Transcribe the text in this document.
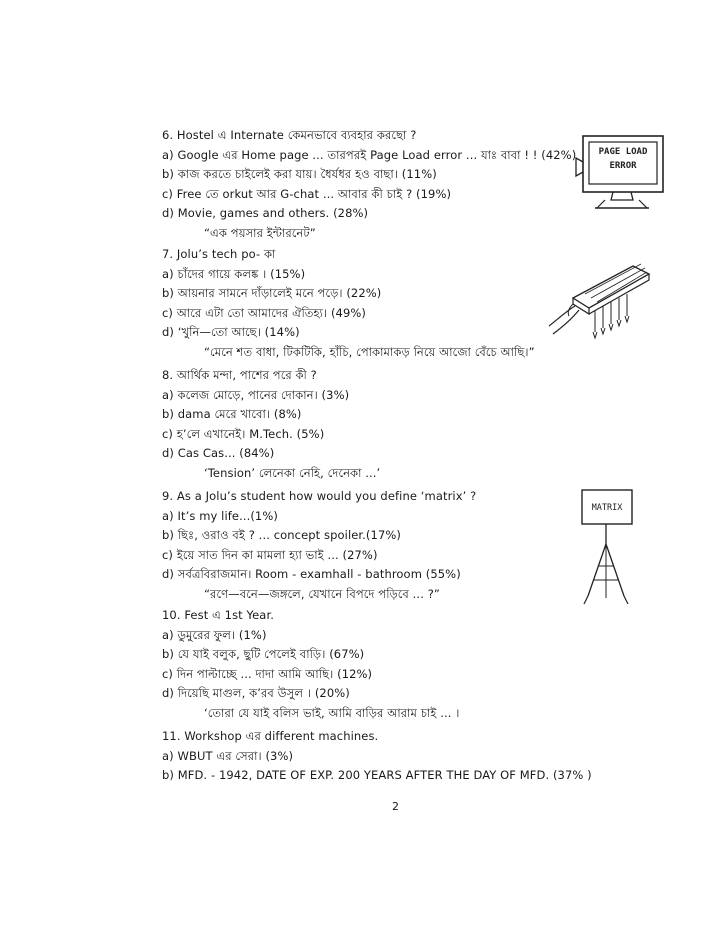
6. Hostel এ Internate কেমনভাবে ব্যবহার করছো ?
a) Google এর Home page ... তারপরই Page Load error ... যাঃ বাবা ! ! (42%)
b) কাজ করতে চাইলেই করা যায়। ধৈর্যধর হও বাছা। (11%)
c) Free তে orkut আর G-chat ... আবার কী চাই ? (19%)
d) Movie, games and others. (28%)
“এক পয়সার ইন্টারনেট”
PAGE LOAD
ERROR
7. Jolu’s tech po- কা
a) চাঁদের গায়ে কলঙ্ক । (15%)
b) আয়নার সামনে দাঁড়ালেই মনে পড়ে। (22%)
c) আরে এটা তো আমাদের ঐতিহ্য। (49%)
d) ‘খুনি—তো আছে। (14%)
“মেনে শত বাধা, টিকটিকি, হাঁচি, পোকামাকড় নিয়ে আজো বেঁচে আছি।”
8. আর্থিক মন্দা, পাশের পরে কী ?
a) কলেজ মোড়ে, পানের দোকান। (3%)
b) dama মেরে খাবো। (8%)
c) হ’লে এখানেই। M.Tech. (5%)
d) Cas Cas... (84%)
‘Tension’ লেনেকা নেহি, দেনেকা ...’
9. As a Jolu’s student how would you define ‘matrix’ ?
a) It’s my life...(1%)
b) ছিঃ, ওরাও বই ? ... concept spoiler.(17%)
c) ইয়ে সাত দিন কা মামলা হ্যা ভাই ... (27%)
d) সর্বত্রবিরাজমান। Room - examhall - bathroom (55%)
“রণে—বনে—জঙ্গলে, যেখানে বিপদে পড়িবে ... ?”
MATRIX
10. Fest এ 1st Year.
a) ডুমুরের ফুল। (1%)
b) যে যাই বলুক, ছুটি পেলেই বাড়ি। (67%)
c) দিন পাল্টাচ্ছে ... দাদা আমি আছি। (12%)
d) দিয়েছি মাগুল, ক’রব উসুল । (20%)
‘তোরা যে যাই বলিস ভাই, আমি বাড়ির আরাম চাই ... ।
11. Workshop এর different machines.
a) WBUT এর সেরা। (3%)
b) MFD. - 1942, DATE OF EXP. 200 YEARS AFTER THE DAY OF MFD. (37% )
2
